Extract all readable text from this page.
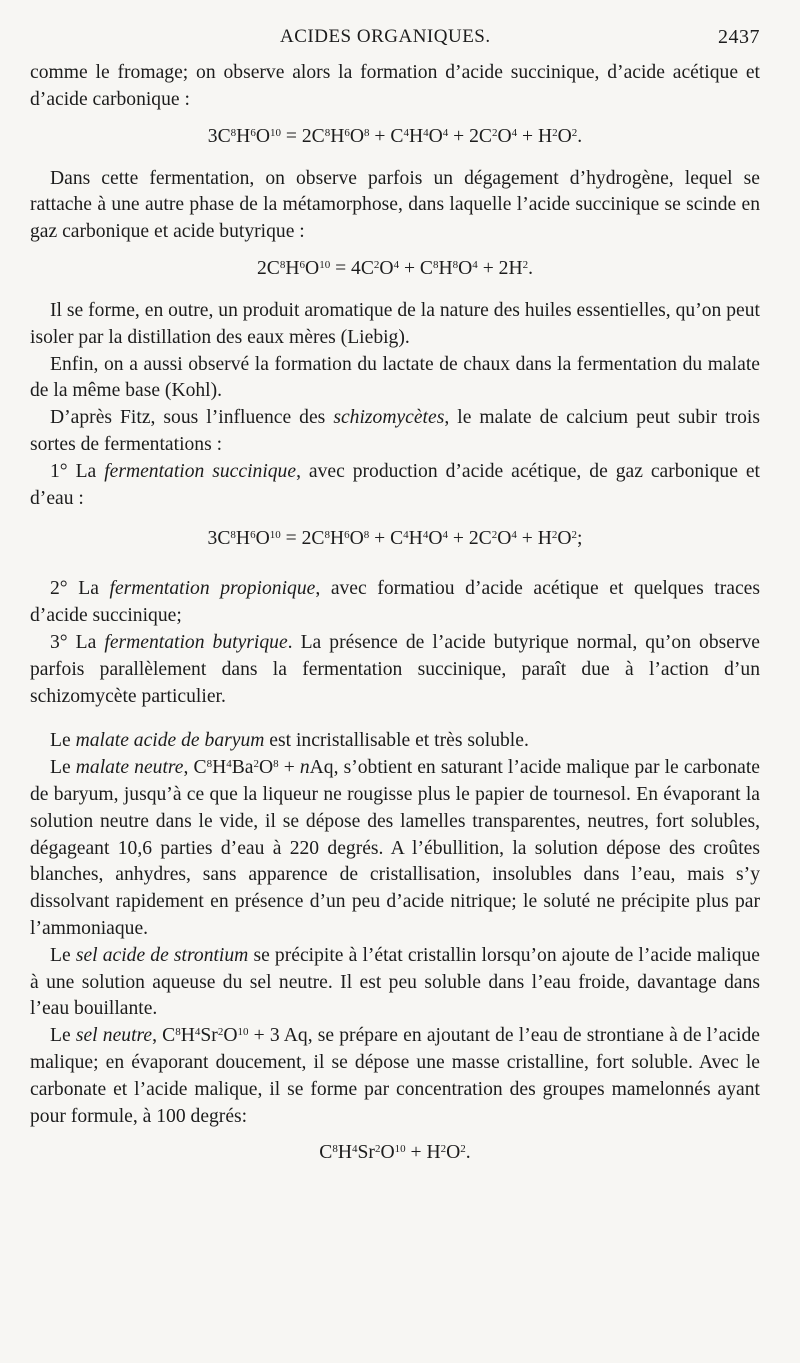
ACIDES ORGANIQUES.	2437

comme le fromage; on observe alors la formation d’acide succinique, d’acide acétique et d’acide carbonique :

$3C^8H^6O^{10} = 2C^8H^6O^8 + C^4H^4O^4 + 2C^2O^4 + H^2O^2$.

Dans cette fermentation, on observe parfois un dégagement d’hydrogène, lequel se rattache à une autre phase de la métamorphose, dans laquelle l’acide succinique se scinde en gaz carbonique et acide butyrique :

$2C^8H^6O^{10} = 4C^2O^4 + C^8H^8O^4 + 2H^2$.

Il se forme, en outre, un produit aromatique de la nature des huiles essentielles, qu’on peut isoler par la distillation des eaux mères (Liebig).

Enfin, on a aussi observé la formation du lactate de chaux dans la fermentation du malate de la même base (Kohl).

D’après Fitz, sous l’influence des schizomycètes, le malate de calcium peut subir trois sortes de fermentations :

1° La fermentation succinique, avec production d’acide acétique, de gaz carbonique et d’eau :

$3C^8H^6O^{10} = 2C^8H^6O^8 + C^4H^4O^4 + 2C^2O^4 + H^2O^2$;

2° La fermentation propionique, avec formatiou d’acide acétique et quelques traces d’acide succinique;

3° La fermentation butyrique. La présence de l’acide butyrique normal, qu’on observe parfois parallèlement dans la fermentation succinique, paraît due à l’action d’un schizomycète particulier.

Le malate acide de baryum est incristallisable et très soluble.

Le malate neutre, $C^8H^4Ba^2O^8$ + nAq, s’obtient en saturant l’acide malique par le carbonate de baryum, jusqu’à ce que la liqueur ne rougisse plus le papier de tournesol. En évaporant la solution neutre dans le vide, il se dépose des lamelles transparentes, neutres, fort solubles, dégageant 10,6 parties d’eau à 220 degrés. A l’ébullition, la solution dépose des croûtes blanches, anhydres, sans apparence de cristallisation, insolubles dans l’eau, mais s’y dissolvant rapidement en présence d’un peu d’acide nitrique; le soluté ne précipite plus par l’ammoniaque.

Le sel acide de strontium se précipite à l’état cristallin lorsqu’on ajoute de l’acide malique à une solution aqueuse du sel neutre. Il est peu soluble dans l’eau froide, davantage dans l’eau bouillante.

Le sel neutre, $C^8H^4Sr^2O^{10} + 3$ Aq, se prépare en ajoutant de l’eau de strontiane à de l’acide malique; en évaporant doucement, il se dépose une masse cristalline, fort soluble. Avec le carbonate et l’acide malique, il se forme par concentration des groupes mamelonnés ayant pour formule, à 100 degrés:

$C^8H^4Sr^2O^{10} + H^2O^2$.
